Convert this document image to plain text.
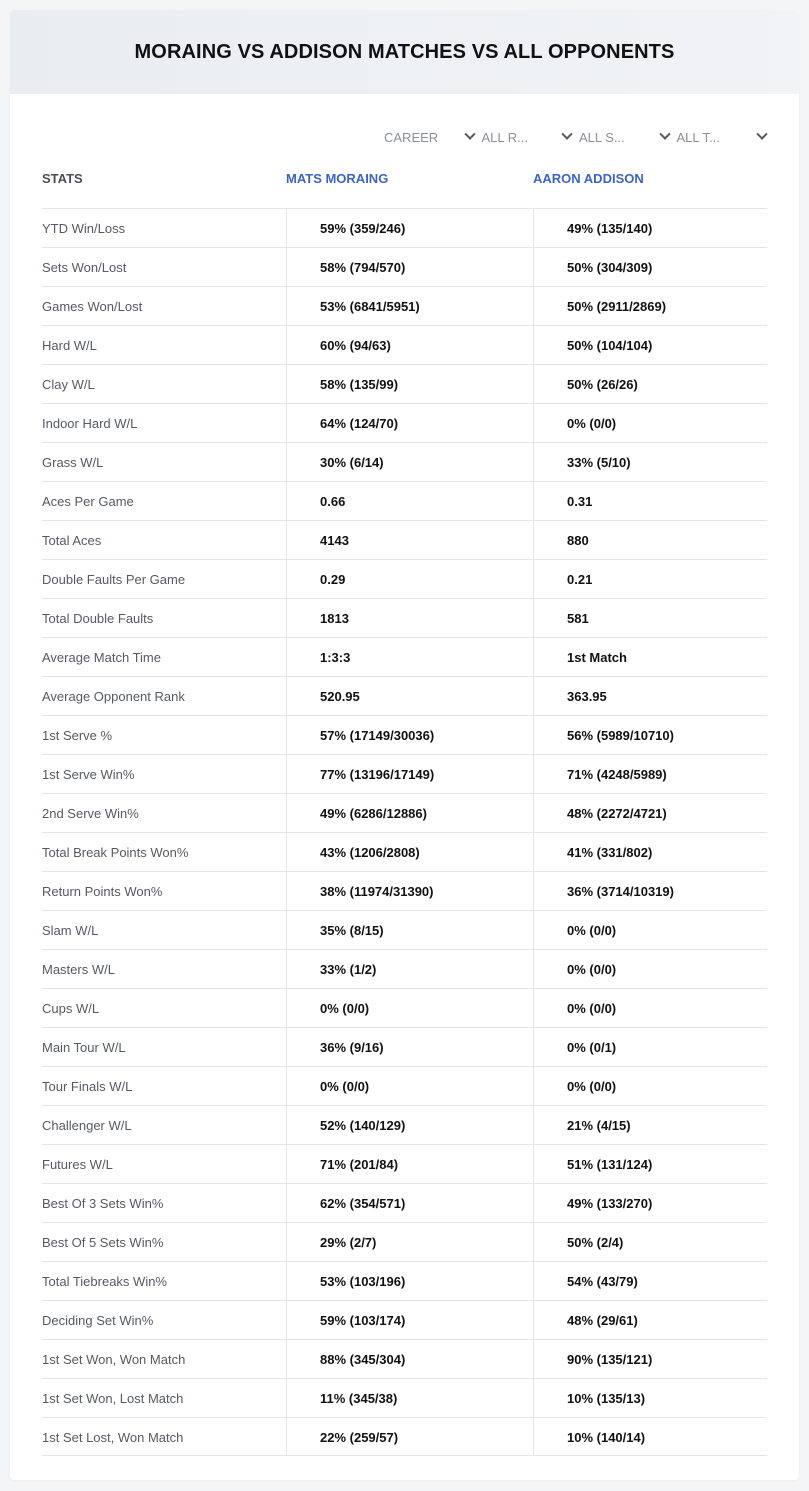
MORAING VS ADDISON MATCHES VS ALL OPPONENTS
CAREER	ALL R...	ALL S...	ALL T...
STATS	MATS MORAING	AARON ADDISON
YTD Win/Loss	59% (359/246)	49% (135/140)
Sets Won/Lost	58% (794/570)	50% (304/309)
Games Won/Lost	53% (6841/5951)	50% (2911/2869)
Hard W/L	60% (94/63)	50% (104/104)
Clay W/L	58% (135/99)	50% (26/26)
Indoor Hard W/L	64% (124/70)	0% (0/0)
Grass W/L	30% (6/14)	33% (5/10)
Aces Per Game	0.66	0.31
Total Aces	4143	880
Double Faults Per Game	0.29	0.21
Total Double Faults	1813	581
Average Match Time	1:3:3	1st Match
Average Opponent Rank	520.95	363.95
1st Serve %	57% (17149/30036)	56% (5989/10710)
1st Serve Win%	77% (13196/17149)	71% (4248/5989)
2nd Serve Win%	49% (6286/12886)	48% (2272/4721)
Total Break Points Won%	43% (1206/2808)	41% (331/802)
Return Points Won%	38% (11974/31390)	36% (3714/10319)
Slam W/L	35% (8/15)	0% (0/0)
Masters W/L	33% (1/2)	0% (0/0)
Cups W/L	0% (0/0)	0% (0/0)
Main Tour W/L	36% (9/16)	0% (0/1)
Tour Finals W/L	0% (0/0)	0% (0/0)
Challenger W/L	52% (140/129)	21% (4/15)
Futures W/L	71% (201/84)	51% (131/124)
Best Of 3 Sets Win%	62% (354/571)	49% (133/270)
Best Of 5 Sets Win%	29% (2/7)	50% (2/4)
Total Tiebreaks Win%	53% (103/196)	54% (43/79)
Deciding Set Win%	59% (103/174)	48% (29/61)
1st Set Won, Won Match	88% (345/304)	90% (135/121)
1st Set Won, Lost Match	11% (345/38)	10% (135/13)
1st Set Lost, Won Match	22% (259/57)	10% (140/14)
